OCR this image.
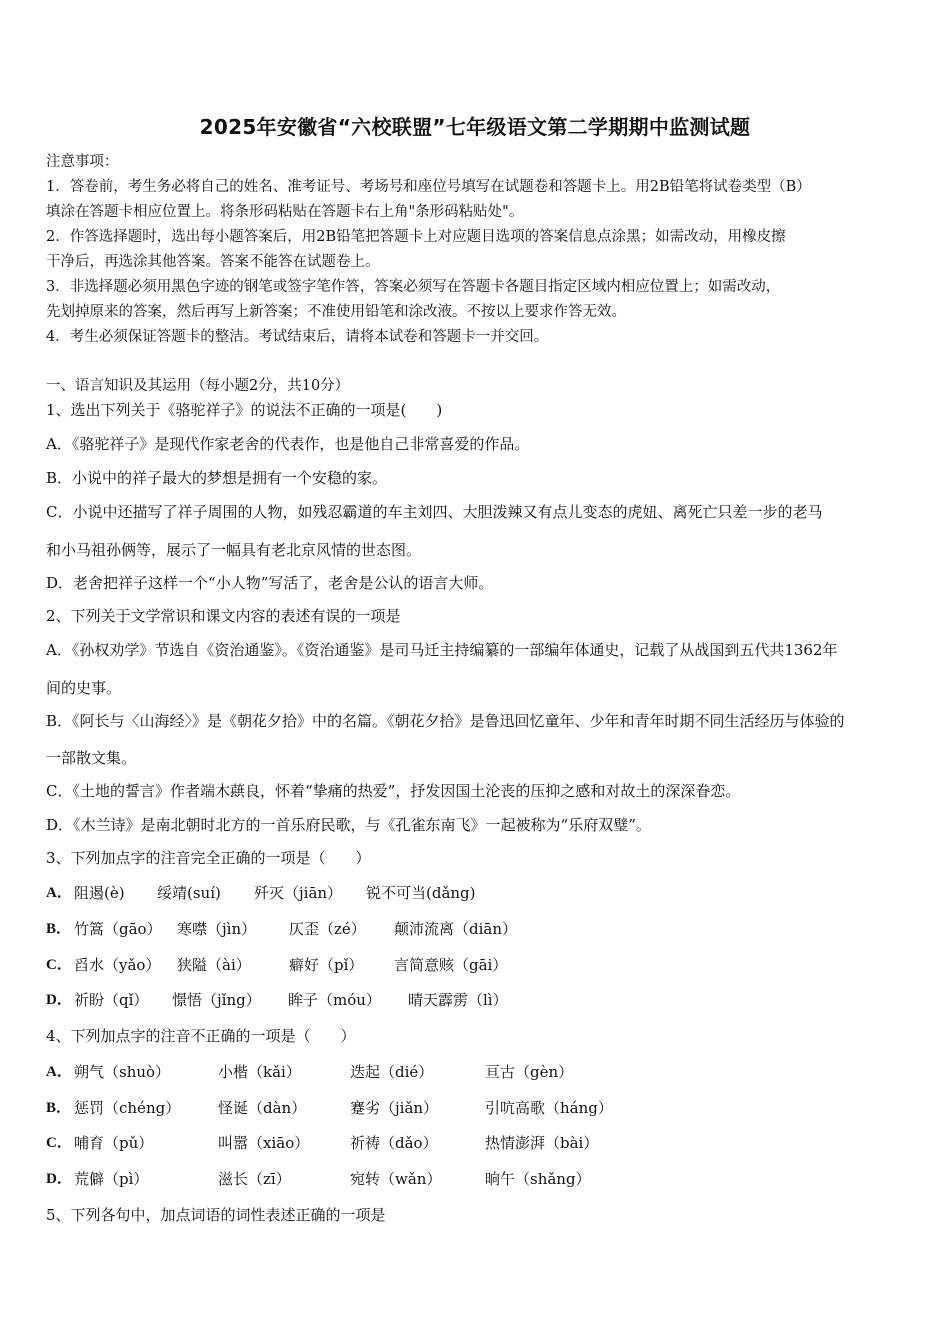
2025年安徽省“六校联盟”七年级语文第二学期期中监测试题
注意事项：
1．答卷前，考生务必将自己的姓名、准考证号、考场号和座位号填写在试题卷和答题卡上。用2B铅笔将试卷类型（B）
填涂在答题卡相应位置上。将条形码粘贴在答题卡右上角"条形码粘贴处"。
2．作答选择题时，选出每小题答案后，用2B铅笔把答题卡上对应题目选项的答案信息点涂黑；如需改动，用橡皮擦
干净后，再选涂其他答案。答案不能答在试题卷上。
3．非选择题必须用黑色字迹的钢笔或签字笔作答，答案必须写在答题卡各题目指定区域内相应位置上；如需改动，
先划掉原来的答案，然后再写上新答案；不准使用铅笔和涂改液。不按以上要求作答无效。
4．考生必须保证答题卡的整洁。考试结束后，请将本试卷和答题卡一并交回。
一、语言知识及其运用（每小题2分，共10分）
1、选出下列关于《骆驼祥子》的说法不正确的一项是(　　)
A．《骆驼祥子》是现代作家老舍的代表作，也是他自己非常喜爱的作品。
B．小说中的祥子最大的梦想是拥有一个安稳的家。
C．小说中还描写了祥子周围的人物，如残忍霸道的车主刘四、大胆泼辣又有点儿变态的虎妞、离死亡只差一步的老马
和小马祖孙俩等，展示了一幅具有老北京风情的世态图。
D．老舍把祥子这样一个“小人物”写活了，老舍是公认的语言大师。
2、下列关于文学常识和课文内容的表述有误的一项是
A．《孙权劝学》节选自《资治通鉴》。《资治通鉴》是司马迁主持编纂的一部编年体通史，记载了从战国到五代共1362年
间的史事。
B．《阿长与〈山海经〉》是《朝花夕拾》中的名篇。《朝花夕拾》是鲁迅回忆童年、少年和青年时期不同生活经历与体验的
一部散文集。
C．《土地的誓言》作者端木蕻良，怀着“挚痛的热爱”，抒发因国土沦丧的压抑之感和对故土的深深眷恋。
D．《木兰诗》是南北朝时北方的一首乐府民歌，与《孔雀东南飞》一起被称为“乐府双璧”。
3、下列加点字的注音完全正确的一项是（　　）
A． 阻遏(è) 绥靖(suí) 歼灭（jiān） 锐不可当(dǎng)
B． 竹篙（gāo） 寒噤（jìn） 仄歪（zé） 颠沛流离（diān）
C． 舀水（yǎo） 狭隘（ài）	癖好（pǐ） 言简意赅（gāi）
D． 祈盼（qǐ） 憬悟（jǐng） 眸子（móu） 晴天霹雳（lì）
4、下列加点字的注音不正确的一项是（　　）
A． 朔气（shuò）	小楷（kǎi）	迭起（dié）	亘古（gèn）
B． 惩罚（chéng）	怪诞（dàn）	蹇劣（jiǎn）	引吭高歌（háng）
C． 哺育（pǔ）	叫嚣（xiāo）	祈祷（dǎo）	热情澎湃（bài）
D． 荒僻（pì）	滋长（zī）	宛转（wǎn）	晌午（shǎng）
5、下列各句中，加点词语的词性表述正确的一项是
